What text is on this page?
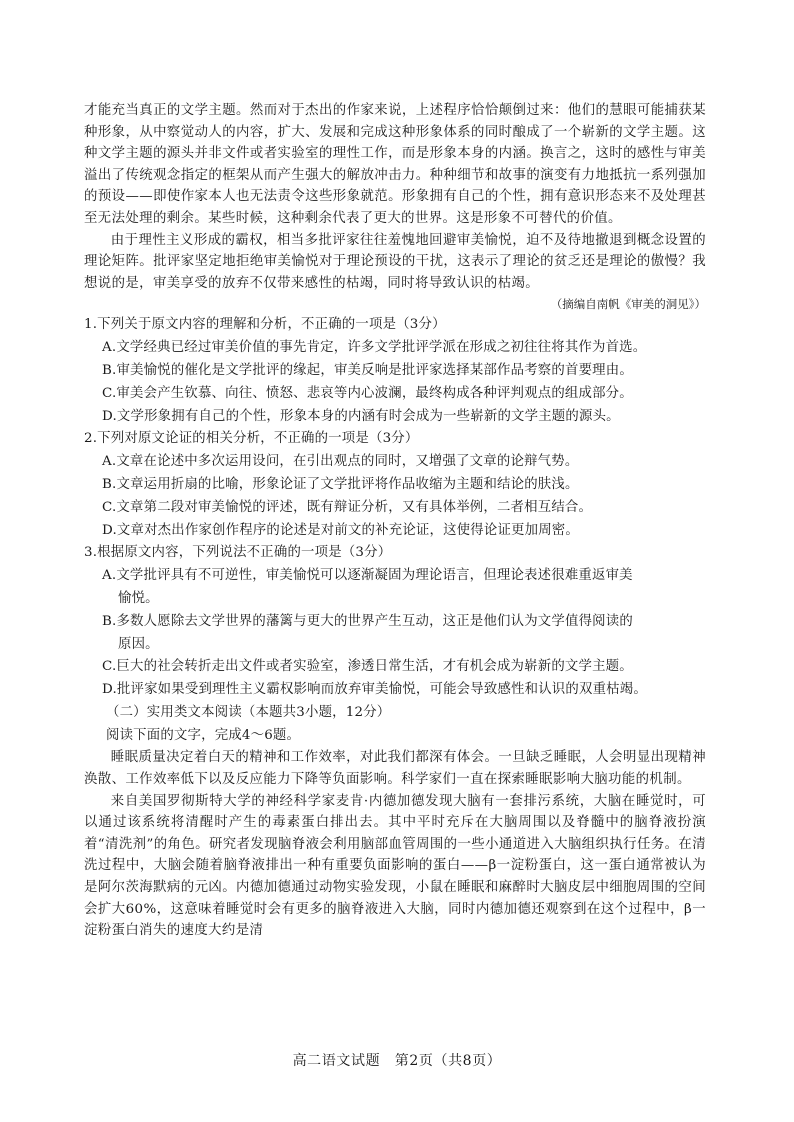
才能充当真正的文学主题。然而对于杰出的作家来说，上述程序恰恰颠倒过来：他们的慧眼可能捕获某种形象，从中察觉动人的内容，扩大、发展和完成这种形象体系的同时酿成了一个崭新的文学主题。这种文学主题的源头并非文件或者实验室的理性工作，而是形象本身的内涵。换言之，这时的感性与审美溢出了传统观念指定的框架从而产生强大的解放冲击力。种种细节和故事的演变有力地抵抗一系列强加的预设——即使作家本人也无法责令这些形象就范。形象拥有自己的个性，拥有意识形态来不及处理甚至无法处理的剩余。某些时候，这种剩余代表了更大的世界。这是形象不可替代的价值。

由于理性主义形成的霸权，相当多批评家往往羞愧地回避审美愉悦，迫不及待地撤退到概念设置的理论矩阵。批评家坚定地拒绝审美愉悦对于理论预设的干扰，这表示了理论的贫乏还是理论的傲慢？我想说的是，审美享受的放弃不仅带来感性的枯竭，同时将导致认识的枯竭。

（摘编自南帆《审美的洞见》）

1.下列关于原文内容的理解和分析，不正确的一项是（3分）

A.文学经典已经过审美价值的事先肯定，许多文学批评学派在形成之初往往将其作为首选。

B.审美愉悦的催化是文学批评的缘起，审美反响是批评家选择某部作品考察的首要理由。

C.审美会产生钦慕、向往、愤怒、悲哀等内心波澜，最终构成各种评判观点的组成部分。

D.文学形象拥有自己的个性，形象本身的内涵有时会成为一些崭新的文学主题的源头。

2.下列对原文论证的相关分析，不正确的一项是（3分）

A.文章在论述中多次运用设问，在引出观点的同时，又增强了文章的论辩气势。

B.文章运用折扇的比喻，形象论证了文学批评将作品收缩为主题和结论的肤浅。

C.文章第二段对审美愉悦的评述，既有辩证分析，又有具体举例，二者相互结合。

D.文章对杰出作家创作程序的论述是对前文的补充论证，这使得论证更加周密。

3.根据原文内容，下列说法不正确的一项是（3分）

A.文学批评具有不可逆性，审美愉悦可以逐渐凝固为理论语言，但理论表述很难重返审美
愉悦。

B.多数人愿除去文学世界的藩篱与更大的世界产生互动，这正是他们认为文学值得阅读的
原因。

C.巨大的社会转折走出文件或者实验室，渗透日常生活，才有机会成为崭新的文学主题。

D.批评家如果受到理性主义霸权影响而放弃审美愉悦，可能会导致感性和认识的双重枯竭。

（二）实用类文本阅读（本题共3小题，12分）

阅读下面的文字，完成4～6题。

睡眠质量决定着白天的精神和工作效率，对此我们都深有体会。一旦缺乏睡眠，人会明显出现精神涣散、工作效率低下以及反应能力下降等负面影响。科学家们一直在探索睡眠影响大脑功能的机制。

来自美国罗彻斯特大学的神经科学家麦肯·内德加德发现大脑有一套排污系统，大脑在睡觉时，可以通过该系统将清醒时产生的毒素蛋白排出去。其中平时充斥在大脑周围以及脊髓中的脑脊液扮演着“清洗剂”的角色。研究者发现脑脊液会利用脑部血管周围的一些小通道进入大脑组织执行任务。在清洗过程中，大脑会随着脑脊液排出一种有重要负面影响的蛋白——β一淀粉蛋白，这一蛋白通常被认为是阿尔茨海默病的元凶。内德加德通过动物实验发现，小鼠在睡眠和麻醉时大脑皮层中细胞周围的空间会扩大60%，这意味着睡觉时会有更多的脑脊液进入大脑，同时内德加德还观察到在这个过程中，β一淀粉蛋白消失的速度大约是清

高二语文试题　第2页（共8页）
